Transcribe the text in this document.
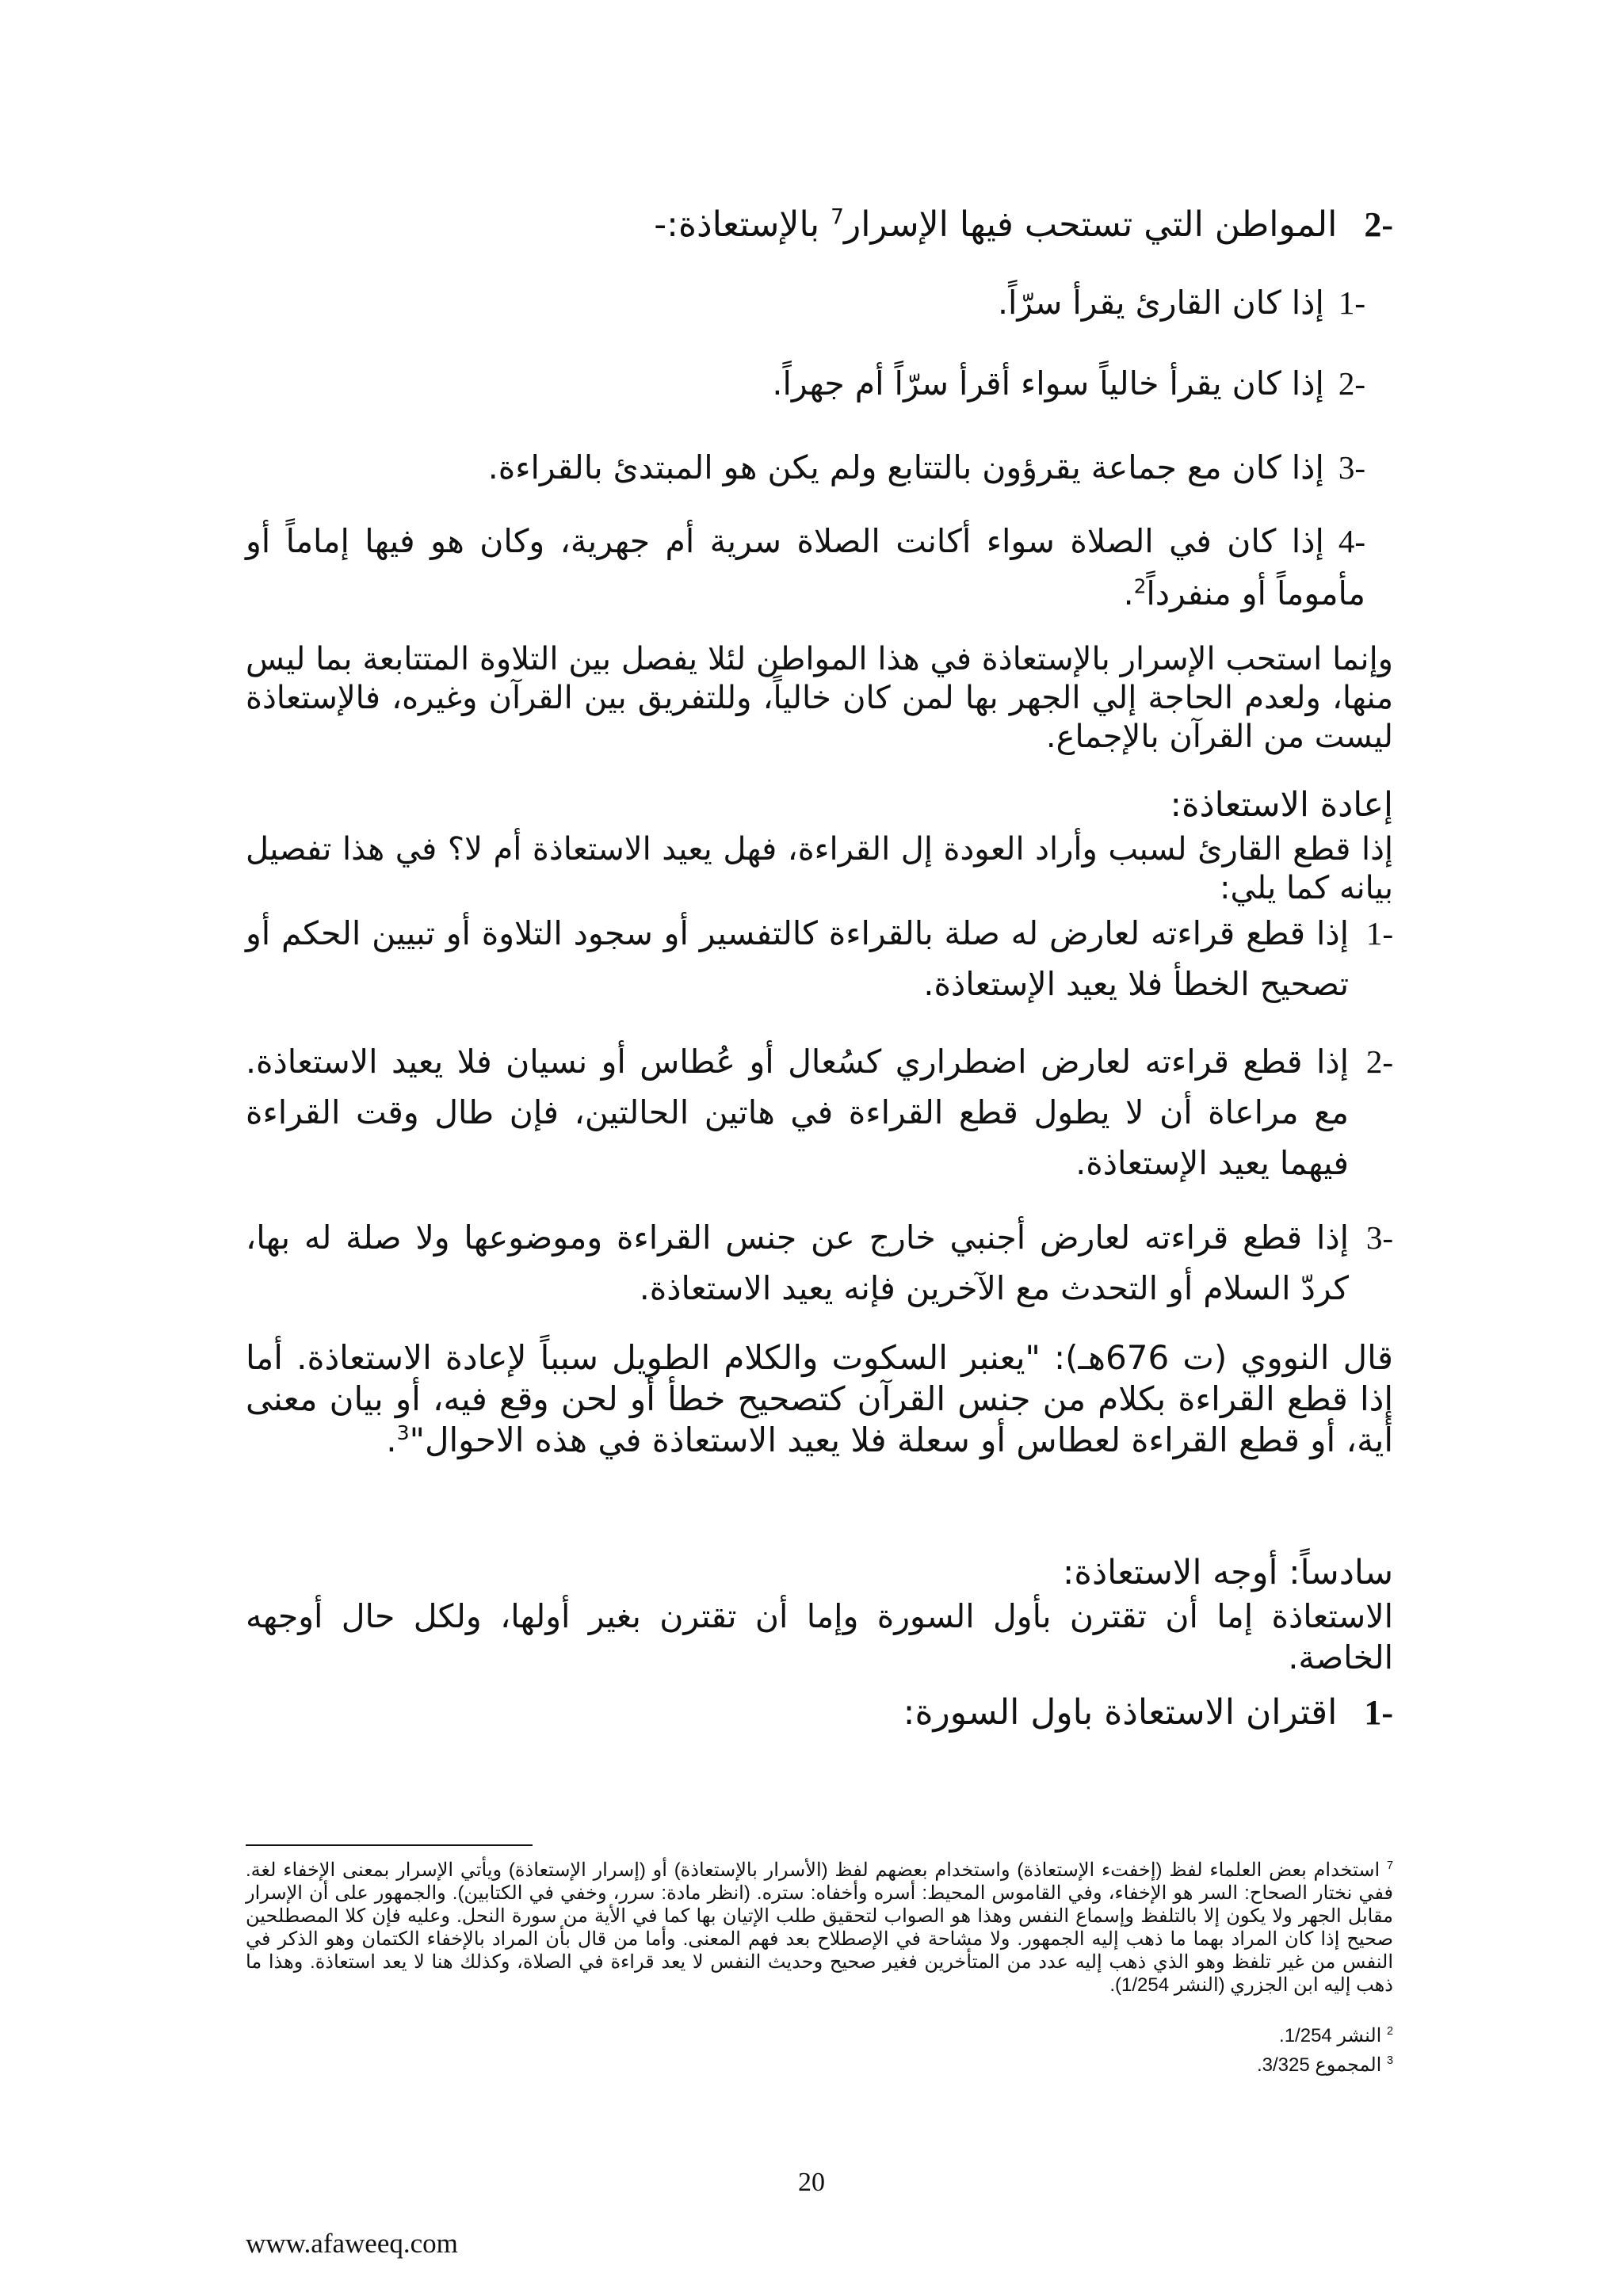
-2المواطن التي تستحب فيها الإسرار$^7$ بالإستعاذة:-
-1إذا كان القارئ يقرأ سرّاً.
-2إذا كان يقرأ خالياً سواء أقرأ سرّاً أم جهراً.
-3إذا كان مع جماعة يقرؤون بالتتابع ولم يكن هو المبتدئ بالقراءة.
-4إذا كان في الصلاة سواء أكانت الصلاة سرية أم جهرية، وكان هو فيها إماماً أو مأموماً أو منفرداً$^2$.
وإنما استحب الإسرار بالإستعاذة في هذا المواطن لئلا يفصل بين التلاوة المتتابعة بما ليس منها، ولعدم الحاجة إلي الجهر بها لمن كان خالياً، وللتفريق بين القرآن وغيره، فالإستعاذة ليست من القرآن بالإجماع.
إعادة الاستعاذة:
إذا قطع القارئ لسبب وأراد العودة إل القراءة، فهل يعيد الاستعاذة أم لا؟ في هذا تفصيل بيانه كما يلي:
-1
إذا قطع قراءته لعارض له صلة بالقراءة كالتفسير أو سجود التلاوة أو تبيين الحكم أو تصحيح الخطأ فلا يعيد الإستعاذة.
-2
إذا قطع قراءته لعارض اضطراري كسُعال أو عُطاس أو نسيان فلا يعيد الاستعاذة. مع مراعاة أن لا يطول قطع القراءة في هاتين الحالتين، فإن طال وقت القراءة فيهما يعيد الإستعاذة.
-3
إذا قطع قراءته لعارض أجنبي خارج عن جنس القراءة وموضوعها ولا صلة له بها، كردّ السلام أو التحدث مع الآخرين فإنه يعيد الاستعاذة.
قال النووي (ت 676هـ): "يعنبر السكوت والكلام الطويل سبباً لإعادة الاستعاذة. أما إذا قطع القراءة بكلام من جنس القرآن كتصحيح خطأ أو لحن وقع فيه، أو بيان معنى أية، أو قطع القراءة لعطاس أو سعلة فلا يعيد الاستعاذة في هذه الاحوال"$^3$.
سادساً: أوجه الاستعاذة:
الاستعاذة إما أن تقترن بأول السورة وإما أن تقترن بغير أولها، ولكل حال أوجهه الخاصة.
-1اقتران الاستعاذة باول السورة:
$^7$ استخدام بعض العلماء لفظ (إخفتء الإستعاذة) واستخدام بعضهم لفظ (الأسرار بالإستعاذة) أو (إسرار الإستعاذة) ويأتي الإسرار بمعنى الإخفاء لغة. ففي نختار الصحاح: السر هو الإخفاء، وفي القاموس المحيط: أسره وأخفاه: ستره. (انظر مادة: سرر، وخفي في الكتابين). والجمهور على أن الإسرار مقابل الجهر ولا يكون إلا بالتلفظ وإسماع النفس وهذا هو الصواب لتحقيق طلب الإتيان بها كما في الأية من سورة النحل. وعليه فإن كلا المصطلحين صحيح إذا كان المراد بهما ما ذهب إليه الجمهور. ولا مشاحة في الإصطلاح بعد فهم المعنى. وأما من قال بأن المراد بالإخفاء الكتمان وهو الذكر في النفس من غير تلفظ وهو الذي ذهب إليه عدد من المتأخرين فغير صحيح وحديث النفس لا يعد قراءة في الصلاة، وكذلك هنا لا يعد استعاذة. وهذا ما ذهب إليه ابن الجزري (النشر 1/254).
$^2$ النشر 1/254.
$^3$ المجموع 3/325.
20
www.afaweeq.com
